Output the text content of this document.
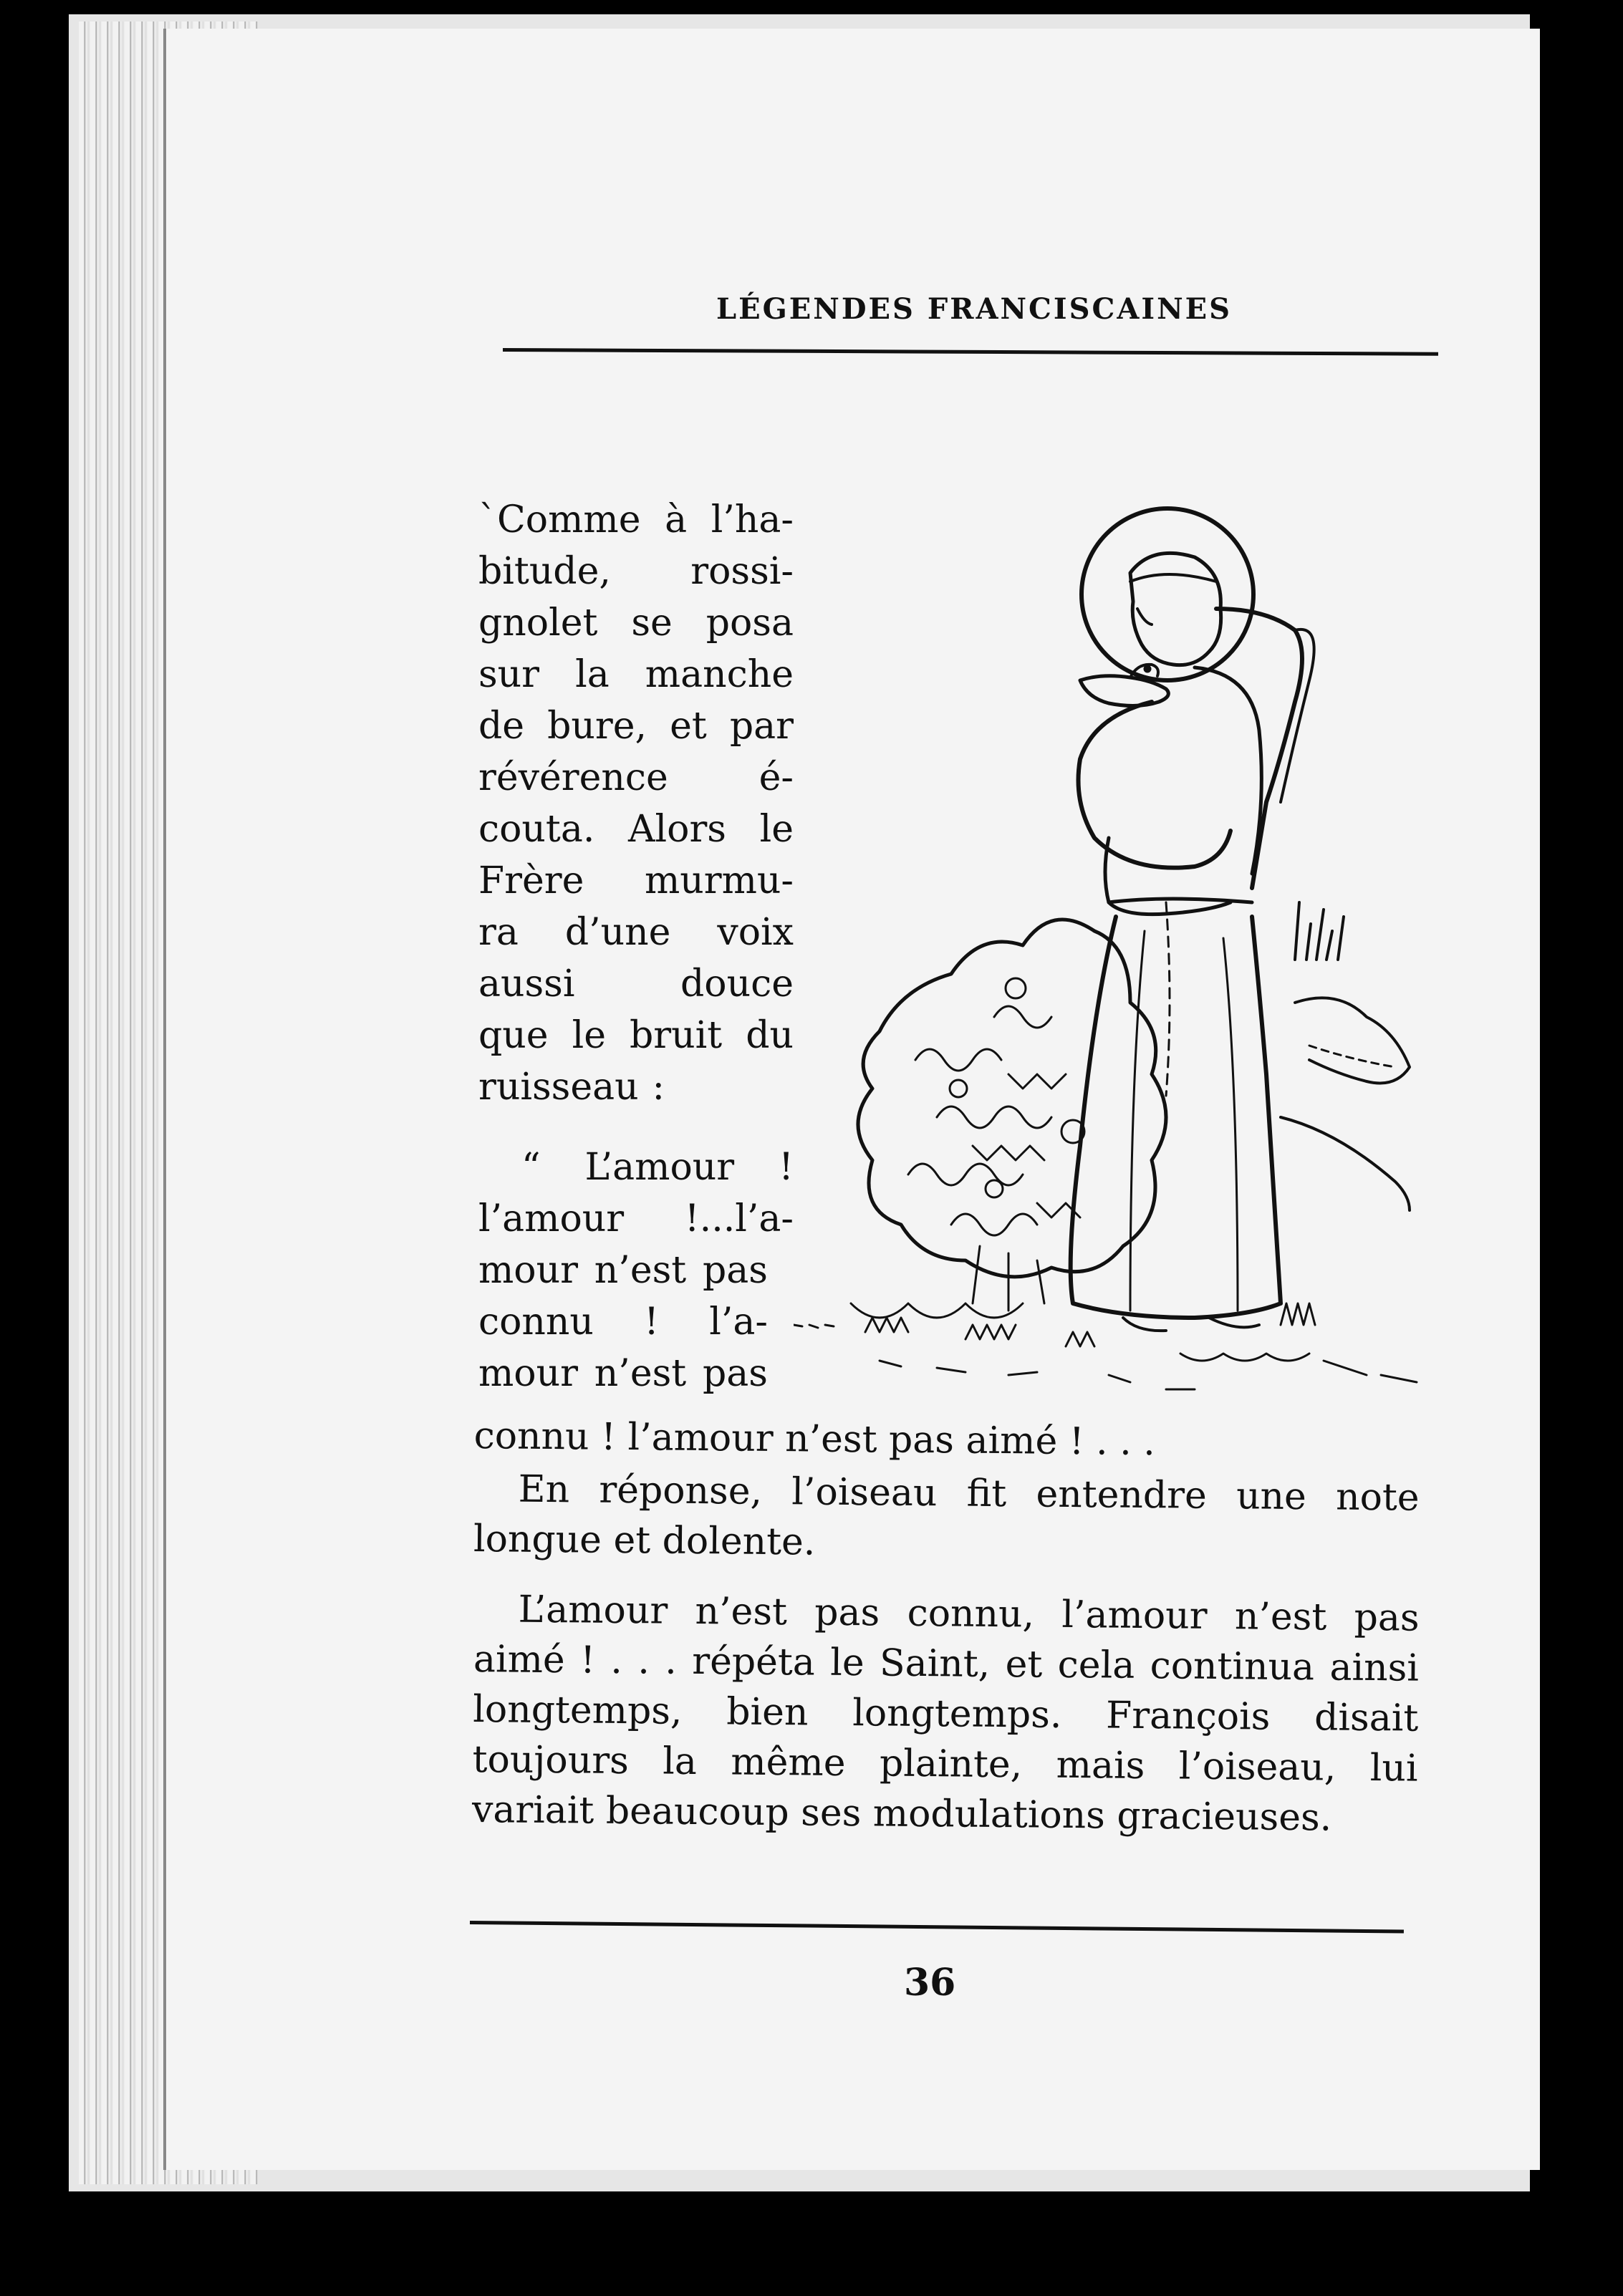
LÉGENDES FRANCISCAINES
`Comme à l’ha-
bitude, rossi-
gnolet se posa
sur la manche
de bure, et par
révérence é-
couta. Alors le
Frère murmu-
ra d’une voix
aussi douce
que le bruit du
ruisseau :
“ L’amour !
l’amour !...l’a-
mour n’est pas
connu ! l’a-
mour n’est pas

connu ! l’amour n’est pas aimé ! . . .

En réponse, l’oiseau fit entendre une note longue et dolente.

L’amour n’est pas connu, l’amour n’est pas aimé ! . . . répéta le Saint, et cela continua ainsi longtemps, bien longtemps. François disait toujours la même plainte, mais l’oiseau, lui variait beaucoup ses modulations gracieuses.

36
